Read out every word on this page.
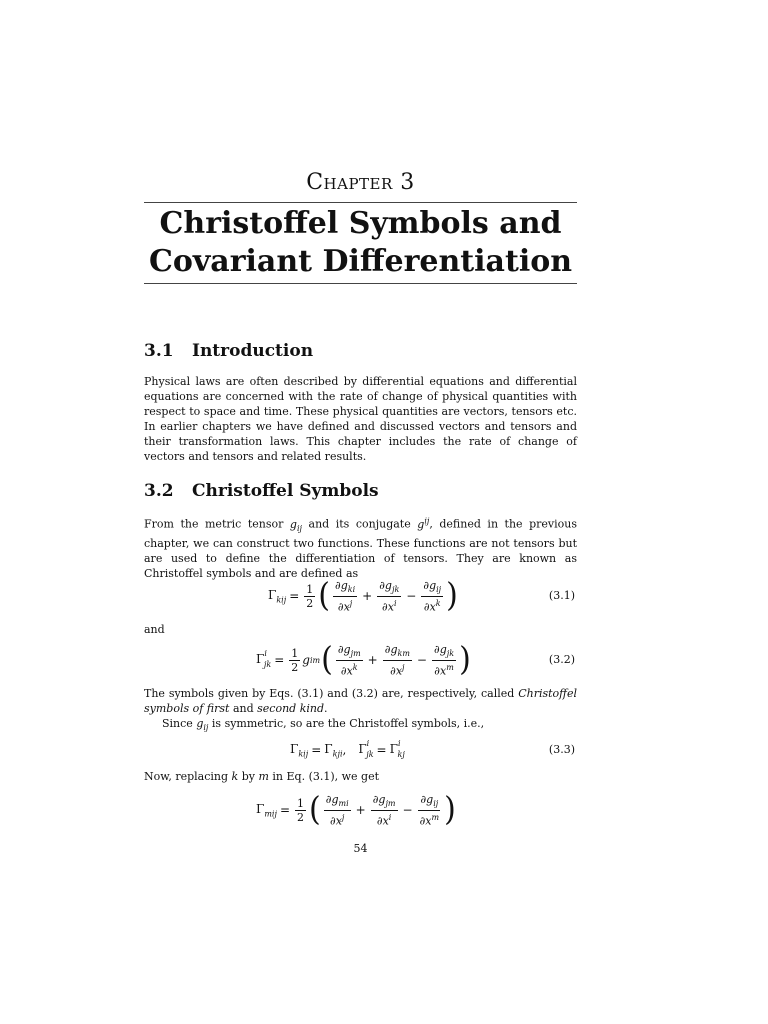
Chapter 3
Christoffel Symbols and
Covariant Differentiation
3.1 Introduction
Physical laws are often described by differential equations and differential equations are concerned with the rate of change of physical quantities with respect to space and time. These physical quantities are vectors, tensors etc. In earlier chapters we have defined and discussed vectors and tensors and their transformation laws. This chapter includes the rate of change of vectors and tensors and related results.
3.2 Christoffel Symbols
From the metric tensor $g_{ij}$ and its conjugate $g^{ij}$, defined in the previous chapter, we can construct two functions. These functions are not tensors but are used to define the differentiation of tensors. They are known as Christoffel symbols and are defined as
$\Gamma_{kij} = \frac{1}{2}$ ( $\frac{\partial g_{ki}}{\partial x^j} + \frac{\partial g_{jk}}{\partial x^i} - \frac{\partial g_{ij}}{\partial x^k}$ )	(3.1)
and
$\Gamma^i_{jk} = \frac{1}{2}$ g im ( $\frac{\partial g_{jm}}{\partial x^k} + \frac{\partial g_{km}}{\partial x^j} - \frac{\partial g_{jk}}{\partial x^m}$ )	(3.2)
The symbols given by Eqs. (3.1) and (3.2) are, respectively, called Christoffel symbols of first and second kind.
Since $g_{ij}$ is symmetric, so are the Christoffel symbols, i.e.,
$\Gamma_{kij} = \Gamma_{kji}$ , $\Gamma^i_{jk} = \Gamma^i_{kj}$	(3.3)
Now, replacing k by m in Eq. (3.1), we get
$\Gamma_{mij} = \frac{1}{2}$ ( $\frac{\partial g_{mi}}{\partial x^j} + \frac{\partial g_{jm}}{\partial x^i} - \frac{\partial g_{ij}}{\partial x^m}$ )
54
